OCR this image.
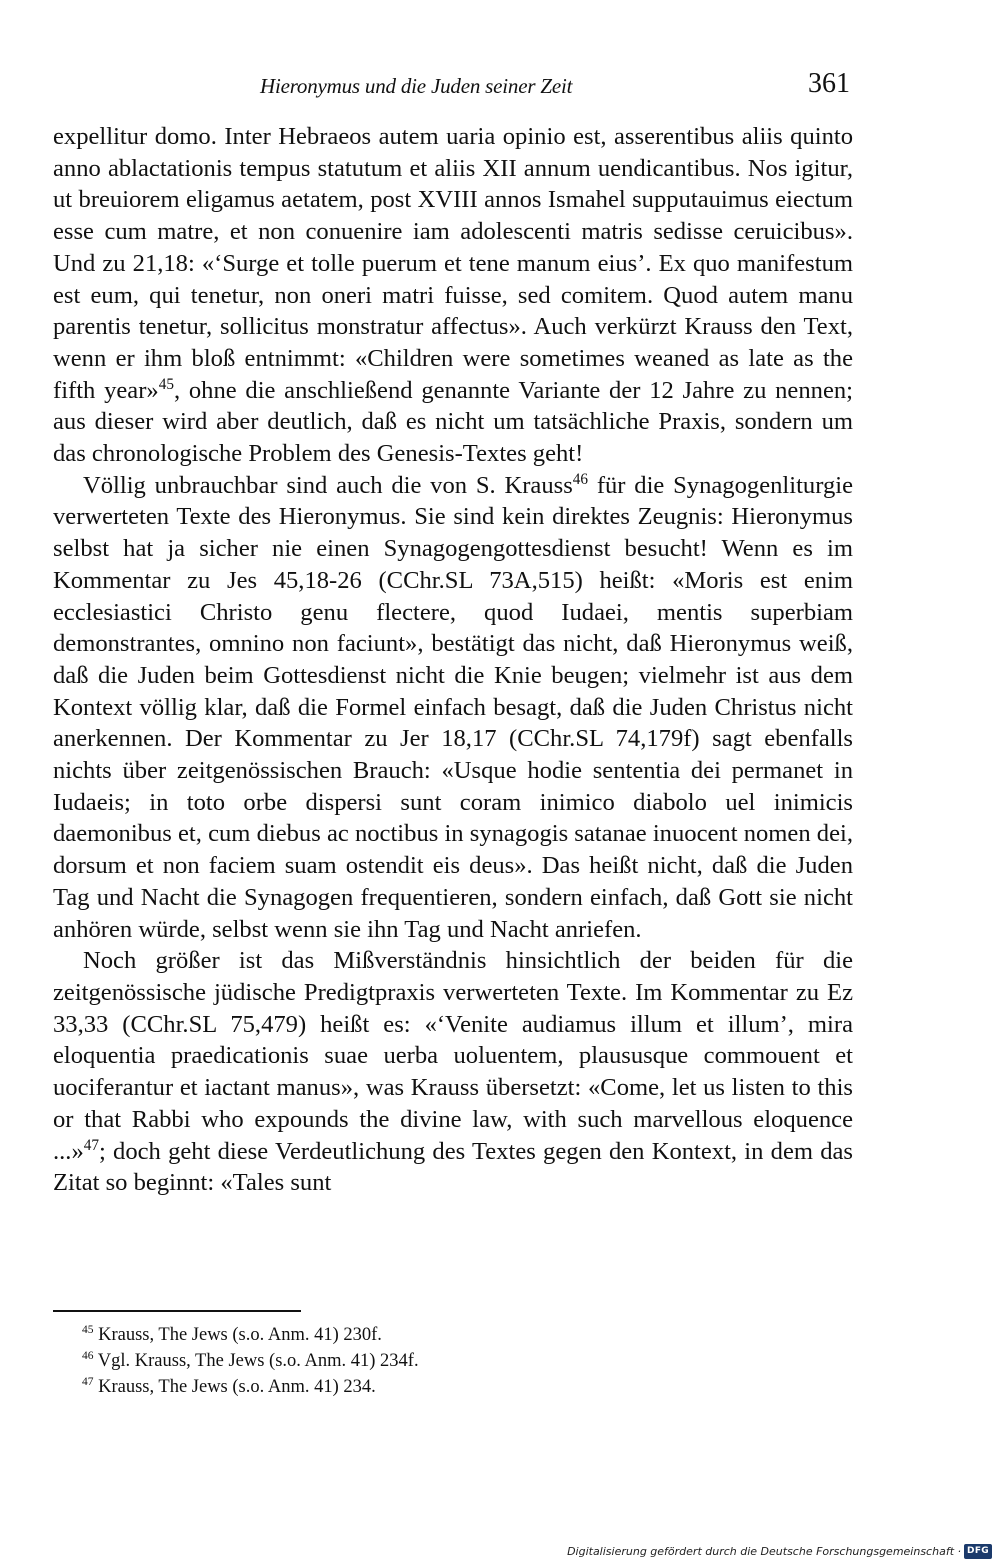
Hieronymus und die Juden seiner Zeit	361

expellitur domo. Inter Hebraeos autem uaria opinio est, asserentibus aliis quinto anno ablactationis tempus statutum et aliis XII annum uendicantibus. Nos igitur, ut breuiorem eligamus aetatem, post XVIII annos Ismahel supputauimus eiectum esse cum matre, et non conuenire iam adolescenti matris sedisse ceruicibus». Und zu 21,18: «‘Surge et tolle puerum et tene manum eius’. Ex quo manifestum est eum, qui tenetur, non oneri matri fuisse, sed comitem. Quod autem manu parentis tenetur, sollicitus monstratur affectus». Auch verkürzt Krauss den Text, wenn er ihm bloß entnimmt: «Children were sometimes weaned as late as the fifth year»$^{45}$, ohne die anschließend genannte Variante der 12 Jahre zu nennen; aus dieser wird aber deutlich, daß es nicht um tatsächliche Praxis, sondern um das chronologische Problem des Genesis-Textes geht!

Völlig unbrauchbar sind auch die von S. Krauss$^{46}$ für die Synagogenliturgie verwerteten Texte des Hieronymus. Sie sind kein direktes Zeugnis: Hieronymus selbst hat ja sicher nie einen Synagogengottesdienst besucht! Wenn es im Kommentar zu Jes 45,18-26 (CChr.SL 73A,515) heißt: «Moris est enim ecclesiastici Christo genu flectere, quod Iudaei, mentis superbiam demonstrantes, omnino non faciunt», bestätigt das nicht, daß Hieronymus weiß, daß die Juden beim Gottesdienst nicht die Knie beugen; vielmehr ist aus dem Kontext völlig klar, daß die Formel einfach besagt, daß die Juden Christus nicht anerkennen. Der Kommentar zu Jer 18,17 (CChr.SL 74,179f) sagt ebenfalls nichts über zeitgenössischen Brauch: «Usque hodie sententia dei permanet in Iudaeis; in toto orbe dispersi sunt coram inimico diabolo uel inimicis daemonibus et, cum diebus ac noctibus in synagogis satanae inuocent nomen dei, dorsum et non faciem suam ostendit eis deus». Das heißt nicht, daß die Juden Tag und Nacht die Synagogen frequentieren, sondern einfach, daß Gott sie nicht anhören würde, selbst wenn sie ihn Tag und Nacht anriefen.

Noch größer ist das Mißverständnis hinsichtlich der beiden für die zeitgenössische jüdische Predigtpraxis verwerteten Texte. Im Kommentar zu Ez 33,33 (CChr.SL 75,479) heißt es: «‘Venite audiamus illum et illum’, mira eloquentia praedicationis suae uerba uoluentem, plaususque commouent et uociferantur et iactant manus», was Krauss übersetzt: «Come, let us listen to this or that Rabbi who expounds the divine law, with such marvellous eloquence ...»$^{47}$; doch geht diese Verdeutlichung des Textes gegen den Kontext, in dem das Zitat so beginnt: «Tales sunt

$^{45}$ Krauss, The Jews (s.o. Anm. 41) 230f.
$^{46}$ Vgl. Krauss, The Jews (s.o. Anm. 41) 234f.
$^{47}$ Krauss, The Jews (s.o. Anm. 41) 234.
Digitalisierung gefördert durch die Deutsche Forschungsgemeinschaft · DFG
